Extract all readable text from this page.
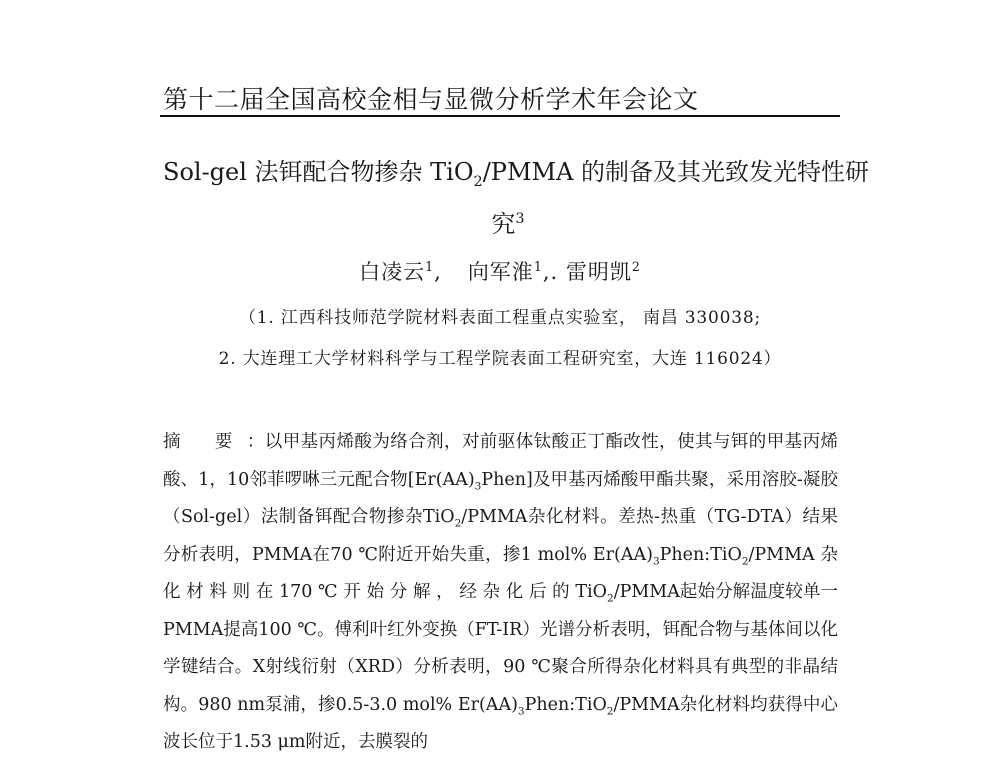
第十二届全国高校金相与显微分析学术年会论文
Sol-gel 法铒配合物掺杂 TiO$_2$/PMMA 的制备及其光致发光特性研
究$^3$
白凌云$^1$, 向军淮$^1$,. 雷明凯$^2$
（1. 江西科技师范学院材料表面工程重点实验室， 南昌 330038;
2. 大连理工大学材料科学与工程学院表面工程研究室，大连 116024）
摘 要：以甲基丙烯酸为络合剂，对前驱体钛酸正丁酯改性，使其与铒的甲基丙烯酸、1，10邻菲啰啉三元配合物$[Er(AA)_3Phen]$及甲基丙烯酸甲酯共聚，采用溶胶-凝胶（Sol-gel）法制备铒配合物掺杂TiO$_2$/PMMA杂化材料。差热-热重（TG-DTA）结果分析表明，PMMA在70 ℃附近开始失重，掺1 mol% $Er(AA)_3Phen:TiO_2$/PMMA 杂 化 材 料 则 在 170 ℃ 开 始 分 解 ， 经 杂 化 后 的 TiO$_2$/PMMA起始分解温度较单一PMMA提高100 ℃。傅利叶红外变换（FT-IR）光谱分析表明，铒配合物与基体间以化学键结合。X射线衍射（XRD）分析表明，90 ℃聚合所得杂化材料具有典型的非晶结构。980 nm泵浦，掺0.5-3.0 mol% $Er(AA)_3Phen:TiO_2$/PMMA杂化材料均获得中心波长位于1.53 μm附近，去膜裂的
